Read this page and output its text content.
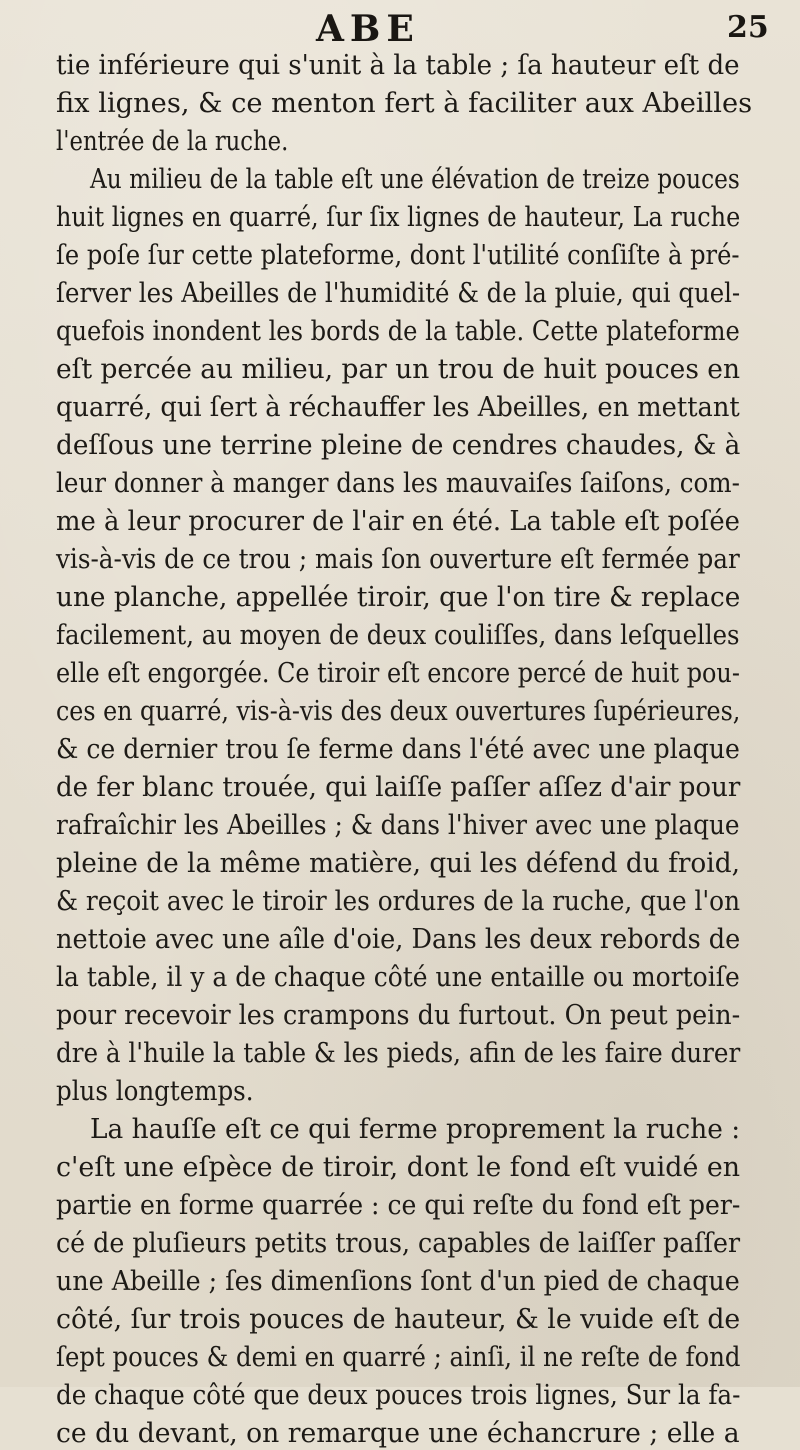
ABE	25
tie inférieure qui s'unit à la table ; ſa hauteur eſt de
fix lignes, & ce menton fert à faciliter aux Abeilles
l'entrée de la ruche.
Au milieu de la table eſt une élévation de treize pouces
huit lignes en quarré, ſur ſix lignes de hauteur, La ruche
ſe poſe ſur cette plateforme, dont l'utilité conſiſte à pré-
ſerver les Abeilles de l'humidité & de la pluie, qui quel-
quefois inondent les bords de la table. Cette plateforme
eſt percée au milieu, par un trou de huit pouces en
quarré, qui ſert à réchauffer les Abeilles, en mettant
deſſous une terrine pleine de cendres chaudes, & à
leur donner à manger dans les mauvaiſes ſaiſons, com-
me à leur procurer de l'air en été. La table eſt poſée
vis-à-vis de ce trou ; mais ſon ouverture eſt fermée par
une planche, appellée tiroir, que l'on tire & replace
facilement, au moyen de deux couliſſes, dans leſquelles
elle eſt engorgée. Ce tiroir eſt encore percé de huit pou-
ces en quarré, vis-à-vis des deux ouvertures ſupérieures,
& ce dernier trou ſe ferme dans l'été avec une plaque
de fer blanc trouée, qui laiſſe paſſer aſſez d'air pour
rafraîchir les Abeilles ; & dans l'hiver avec une plaque
pleine de la même matière, qui les défend du froid,
& reçoit avec le tiroir les ordures de la ruche, que l'on
nettoie avec une aîle d'oie, Dans les deux rebords de
la table, il y a de chaque côté une entaille ou mortoiſe
pour recevoir les crampons du furtout. On peut pein-
dre à l'huile la table & les pieds, afin de les faire durer
plus longtemps.
La hauſſe eſt ce qui ferme proprement la ruche :
c'eſt une eſpèce de tiroir, dont le fond eſt vuidé en
partie en forme quarrée : ce qui reſte du fond eſt per-
cé de pluſieurs petits trous, capables de laiſſer paſſer
une Abeille ; ſes dimenſions ſont d'un pied de chaque
côté, ſur trois pouces de hauteur, & le vuide eſt de
ſept pouces & demi en quarré ; ainſi, il ne reſte de fond
de chaque côté que deux pouces trois lignes, Sur la fa-
ce du devant, on remarque une échancrure ; elle a
